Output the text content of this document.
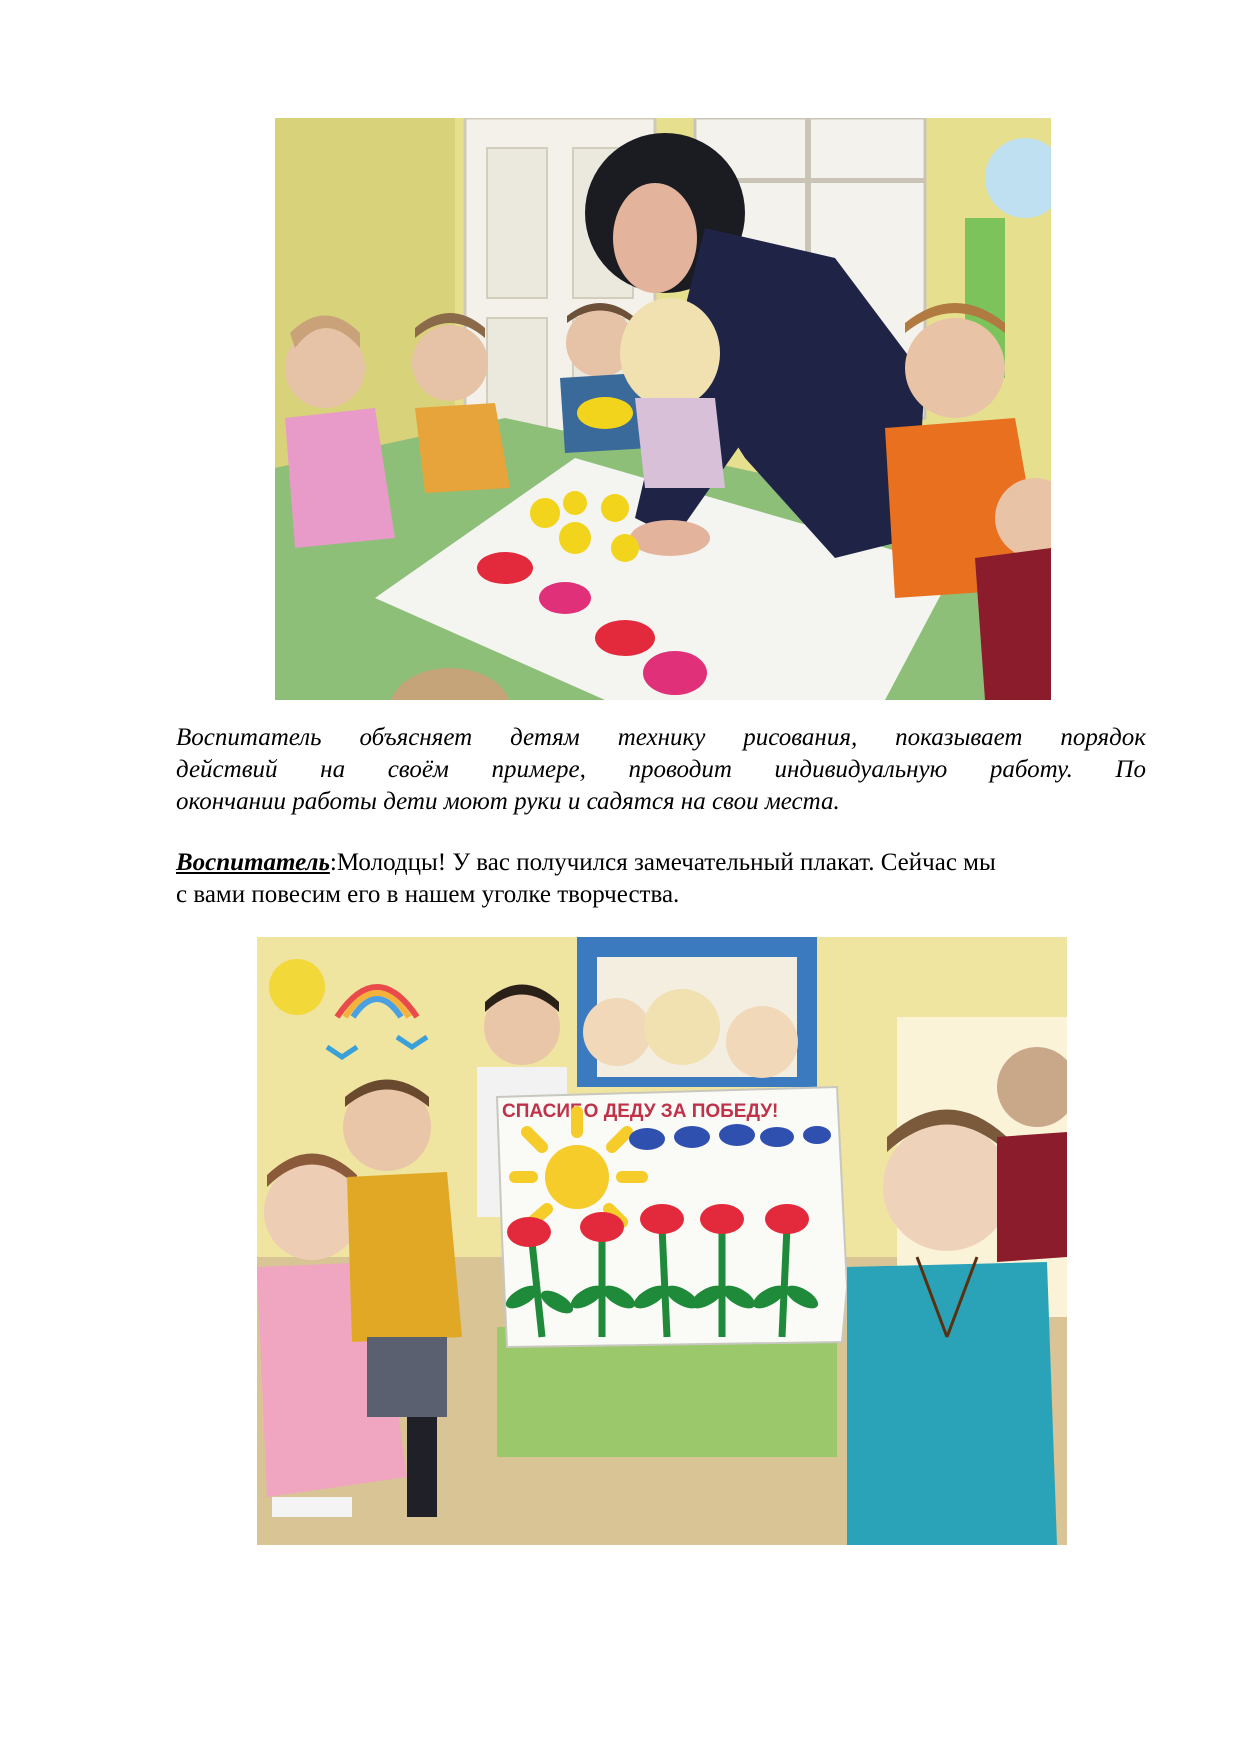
Воспитатель объясняет детям технику рисования, показывает порядок
действий на своём примере, проводит индивидуальную работу. По
окончании работы дети моют руки и садятся на свои места.
Воспитатель:Молодцы! У вас получился замечательный плакат. Сейчас мы
с вами повесим его в нашем уголке творчества.
СПАСИБО ДЕДУ ЗА ПОБЕДУ!
